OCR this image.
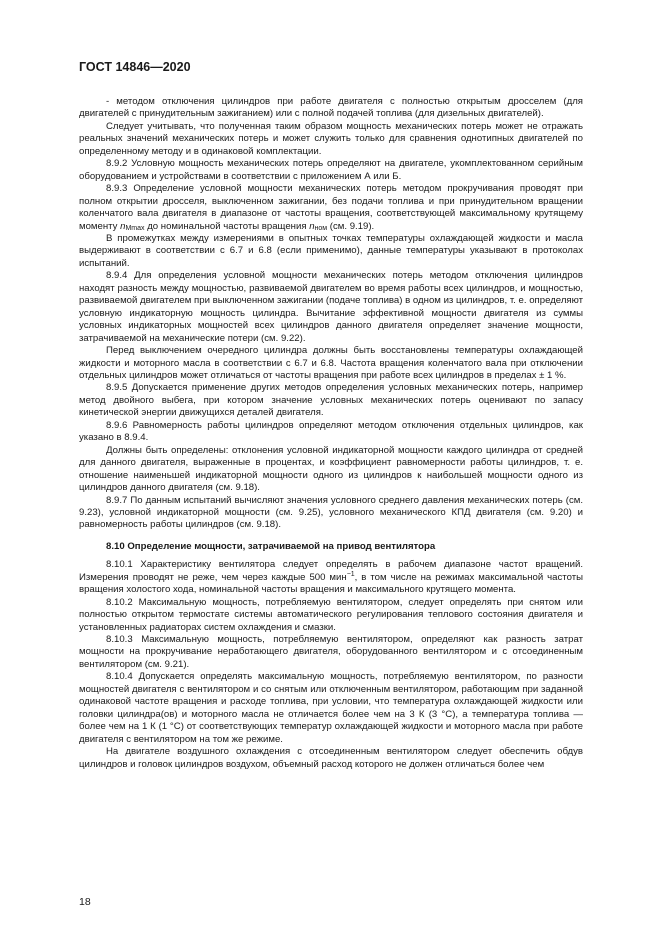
ГОСТ 14846—2020

- методом отключения цилиндров при работе двигателя с полностью открытым дросселем (для двигателей с принудительным зажиганием) или с полной подачей топлива (для дизельных двигателей).

Следует учитывать, что полученная таким образом мощность механических потерь может не отражать реальных значений механических потерь и может служить только для сравнения однотипных двигателей по определенному методу и в одинаковой комплектации.

8.9.2 Условную мощность механических потерь определяют на двигателе, укомплектованном серийным оборудованием и устройствами в соответствии с приложением А или Б.

8.9.3 Определение условной мощности механических потерь методом прокручивания проводят при полном открытии дросселя, выключенном зажигании, без подачи топлива и при принудительном вращении коленчатого вала двигателя в диапазоне от частоты вращения, соответствующей максимальному крутящему моменту $n_{Mmax}$ до номинальной частоты вращения $n_{ном}$ (см. 9.19).

В промежутках между измерениями в опытных точках температуры охлаждающей жидкости и масла выдерживают в соответствии с 6.7 и 6.8 (если применимо), данные температуры указывают в протоколах испытаний.

8.9.4 Для определения условной мощности механических потерь методом отключения цилиндров находят разность между мощностью, развиваемой двигателем во время работы всех цилиндров, и мощностью, развиваемой двигателем при выключенном зажигании (подаче топлива) в одном из цилиндров, т. е. определяют условную индикаторную мощность цилиндра. Вычитание эффективной мощности двигателя из суммы условных индикаторных мощностей всех цилиндров данного двигателя определяет значение мощности, затрачиваемой на механические потери (см. 9.22).

Перед выключением очередного цилиндра должны быть восстановлены температуры охлаждающей жидкости и моторного масла в соответствии с 6.7 и 6.8. Частота вращения коленчатого вала при отключении отдельных цилиндров может отличаться от частоты вращения при работе всех цилиндров в пределах ± 1 %.

8.9.5 Допускается применение других методов определения условных механических потерь, например метод двойного выбега, при котором значение условных механических потерь оценивают по запасу кинетической энергии движущихся деталей двигателя.

8.9.6 Равномерность работы цилиндров определяют методом отключения отдельных цилиндров, как указано в 8.9.4.

Должны быть определены: отклонения условной индикаторной мощности каждого цилиндра от средней для данного двигателя, выраженные в процентах, и коэффициент равномерности работы цилиндров, т. е. отношение наименьшей индикаторной мощности одного из цилиндров к наибольшей мощности одного из цилиндров данного двигателя (см. 9.18).

8.9.7 По данным испытаний вычисляют значения условного среднего давления механических потерь (см. 9.23), условной индикаторной мощности (см. 9.25), условного механического КПД двигателя (см. 9.20) и равномерность работы цилиндров (см. 9.18).

8.10 Определение мощности, затрачиваемой на привод вентилятора

8.10.1 Характеристику вентилятора следует определять в рабочем диапазоне частот вращений. Измерения проводят не реже, чем через каждые 500 мин$^{-1}$, в том числе на режимах максимальной частоты вращения холостого хода, номинальной частоты вращения и максимального крутящего момента.

8.10.2 Максимальную мощность, потребляемую вентилятором, следует определять при снятом или полностью открытом термостате системы автоматического регулирования теплового состояния двигателя и установленных радиаторах систем охлаждения и смазки.

8.10.3 Максимальную мощность, потребляемую вентилятором, определяют как разность затрат мощности на прокручивание неработающего двигателя, оборудованного вентилятором и с отсоединенным вентилятором (см. 9.21).

8.10.4 Допускается определять максимальную мощность, потребляемую вентилятором, по разности мощностей двигателя с вентилятором и со снятым или отключенным вентилятором, работающим при заданной одинаковой частоте вращения и расходе топлива, при условии, что температура охлаждающей жидкости или головки цилиндра(ов) и моторного масла не отличается более чем на 3 К (3 °C), а температура топлива — более чем на 1 К (1 °C) от соответствующих температур охлаждающей жидкости и моторного масла при работе двигателя с вентилятором на том же режиме.

На двигателе воздушного охлаждения с отсоединенным вентилятором следует обеспечить обдув цилиндров и головок цилиндров воздухом, объемный расход которого не должен отличаться более чем

18
